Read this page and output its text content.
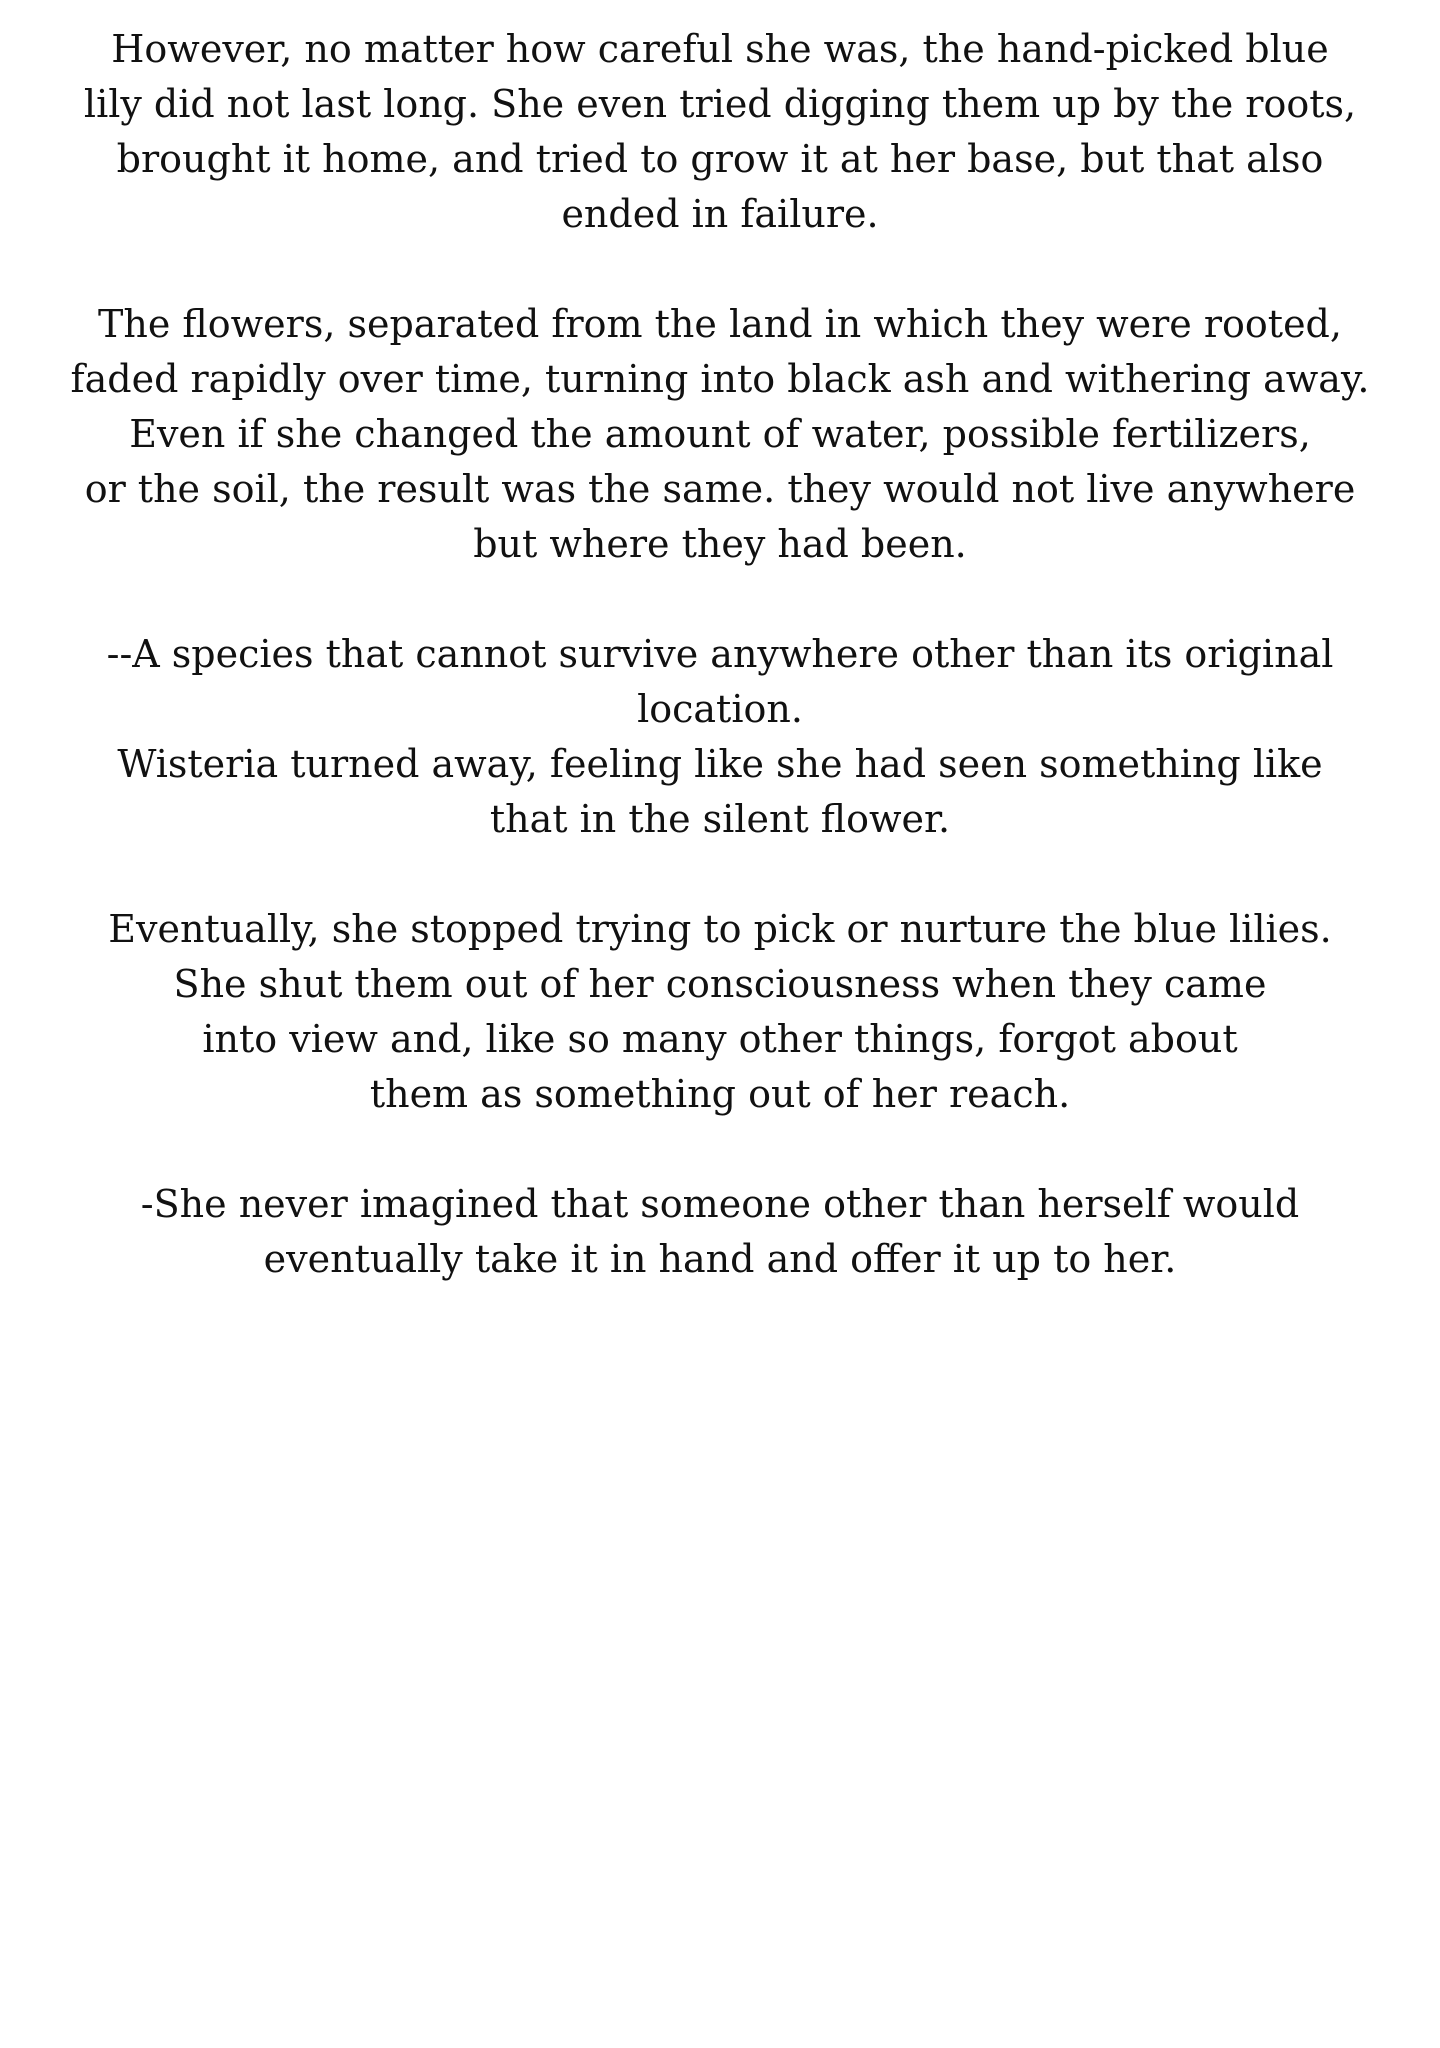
However, no matter how careful she was, the hand-picked blue
lily did not last long. She even tried digging them up by the roots,
brought it home, and tried to grow it at her base, but that also
ended in failure.

The flowers, separated from the land in which they were rooted,
faded rapidly over time, turning into black ash and withering away.
Even if she changed the amount of water, possible fertilizers,
or the soil, the result was the same. they would not live anywhere
but where they had been.

--A species that cannot survive anywhere other than its original
location.
Wisteria turned away, feeling like she had seen something like
that in the silent flower.

Eventually, she stopped trying to pick or nurture the blue lilies.
She shut them out of her consciousness when they came
into view and, like so many other things, forgot about
them as something out of her reach.

-She never imagined that someone other than herself would
eventually take it in hand and offer it up to her.
